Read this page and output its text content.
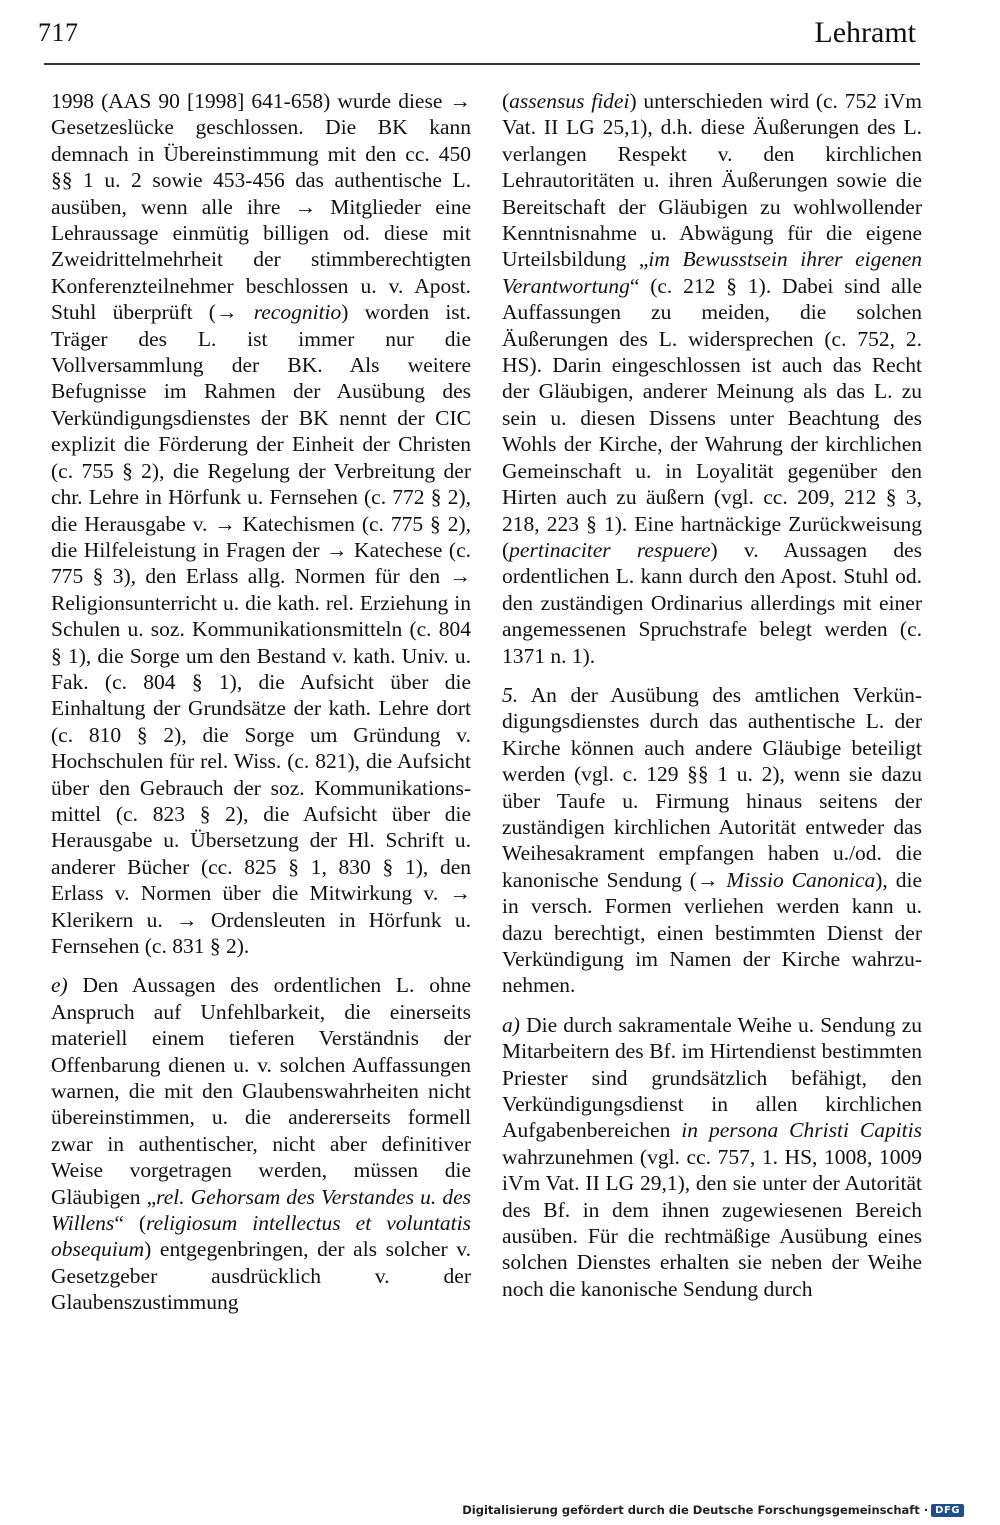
717	Lehramt

1998 (AAS 90 [1998] 641-658) wurde diese → Gesetzeslücke geschlossen. Die BK kann demnach in Übereinstimmung mit den cc. 450 §§ 1 u. 2 sowie 453-456 das authentische L. ausüben, wenn alle ihre → Mitglieder eine Lehraussage einmütig billigen od. diese mit Zweidrittelmehrheit der stimmberechtigten Konferenzteilnehmer beschlossen u. v. Apost. Stuhl überprüft (→ recognitio) worden ist. Träger des L. ist immer nur die Vollversammlung der BK. Als weitere Befugnisse im Rahmen der Ausübung des Verkündigungsdienstes der BK nennt der CIC explizit die Förderung der Einheit der Christen (c. 755 § 2), die Regelung der Verbreitung der chr. Lehre in Hörfunk u. Fernsehen (c. 772 § 2), die Herausgabe v. → Katechismen (c. 775 § 2), die Hilfeleistung in Fragen der → Katechese (c. 775 § 3), den Erlass allg. Normen für den → Religionsunterricht u. die kath. rel. Erziehung in Schulen u. soz. Kommunikationsmitteln (c. 804 § 1), die Sorge um den Bestand v. kath. Univ. u. Fak. (c. 804 § 1), die Aufsicht über die Einhaltung der Grundsätze der kath. Lehre dort (c. 810 § 2), die Sorge um Gründung v. Hochschulen für rel. Wiss. (c. 821), die Aufsicht über den Gebrauch der soz. Kommunikationsmittel (c. 823 § 2), die Aufsicht über die Herausgabe u. Übersetzung der Hl. Schrift u. anderer Bücher (cc. 825 § 1, 830 § 1), den Erlass v. Normen über die Mitwirkung v. → Klerikern u. → Ordensleuten in Hörfunk u. Fernsehen (c. 831 § 2).

e) Den Aussagen des ordentlichen L. ohne Anspruch auf Unfehlbarkeit, die einerseits materiell einem tieferen Verständnis der Offenbarung dienen u. v. solchen Auffassungen warnen, die mit den Glaubenswahrheiten nicht übereinstimmen, u. die andererseits formell zwar in authentischer, nicht aber definitiver Weise vorgetragen werden, müssen die Gläubigen „rel. Gehorsam des Verstandes u. des Willens“ (religiosum intellectus et voluntatis obsequium) entgegenbringen, der als solcher v. Gesetzgeber ausdrücklich v. der Glaubenszustimmung

(assensus fidei) unterschieden wird (c. 752 iVm Vat. II LG 25,1), d.h. diese Äußerungen des L. verlangen Respekt v. den kirchlichen Lehrautoritäten u. ihren Äußerungen sowie die Bereitschaft der Gläubigen zu wohlwollender Kenntnisnahme u. Abwägung für die eigene Urteilsbildung „im Bewusstsein ihrer eigenen Verantwortung“ (c. 212 § 1). Dabei sind alle Auffassungen zu meiden, die solchen Äußerungen des L. widersprechen (c. 752, 2. HS). Darin eingeschlossen ist auch das Recht der Gläubigen, anderer Meinung als das L. zu sein u. diesen Dissens unter Beachtung des Wohls der Kirche, der Wahrung der kirchlichen Gemeinschaft u. in Loyalität gegenüber den Hirten auch zu äußern (vgl. cc. 209, 212 § 3, 218, 223 § 1). Eine hartnäckige Zurückweisung (pertinaciter respuere) v. Aussagen des ordentlichen L. kann durch den Apost. Stuhl od. den zuständigen Ordinarius allerdings mit einer angemessenen Spruchstrafe belegt werden (c. 1371 n. 1).

5. An der Ausübung des amtlichen Verkündigungsdienstes durch das authentische L. der Kirche können auch andere Gläubige beteiligt werden (vgl. c. 129 §§ 1 u. 2), wenn sie dazu über Taufe u. Firmung hinaus seitens der zuständigen kirchlichen Autorität entweder das Weihesakrament empfangen haben u./od. die kanonische Sendung (→ Missio Canonica), die in versch. Formen verliehen werden kann u. dazu berechtigt, einen bestimmten Dienst der Verkündigung im Namen der Kirche wahrzunehmen.

a) Die durch sakramentale Weihe u. Sendung zu Mitarbeitern des Bf. im Hirtendienst bestimmten Priester sind grundsätzlich befähigt, den Verkündigungsdienst in allen kirchlichen Aufgabenbereichen in persona Christi Capitis wahrzunehmen (vgl. cc. 757, 1. HS, 1008, 1009 iVm Vat. II LG 29,1), den sie unter der Autorität des Bf. in dem ihnen zugewiesenen Bereich ausüben. Für die rechtmäßige Ausübung eines solchen Dienstes erhalten sie neben der Weihe noch die kanonische Sendung durch

Digitalisierung gefördert durch die Deutsche Forschungsgemeinschaft · DFG
